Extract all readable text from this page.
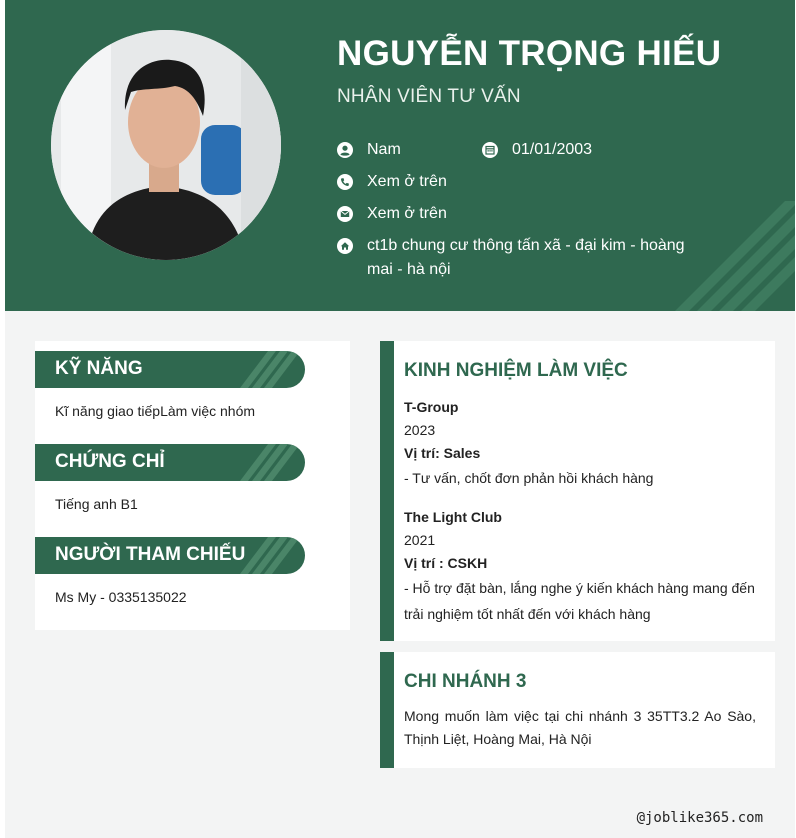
NGUYỄN TRỌNG HIẾU
NHÂN VIÊN TƯ VẤN
Nam	01/01/2003
Xem ở trên
Xem ở trên
ct1b chung cư thông tấn xã - đại kim - hoàng
mai - hà nội
KỸ NĂNG
Kĩ năng giao tiếpLàm việc nhóm
CHỨNG CHỈ
Tiếng anh B1
NGƯỜI THAM CHIẾU
Ms My - 0335135022
KINH NGHIỆM LÀM VIỆC
T-Group
2023
Vị trí: Sales
- Tư vấn, chốt đơn phản hồi khách hàng
The Light Club
2021
Vị trí : CSKH
- Hỗ trợ đặt bàn, lắng nghe ý kiến khách hàng mang đến
trải nghiệm tốt nhất đến với khách hàng
CHI NHÁNH 3
Mong muốn làm việc tại chi nhánh 3 35TT3.2 Ao Sào, Thịnh Liệt, Hoàng Mai, Hà Nội
@joblike365.com
